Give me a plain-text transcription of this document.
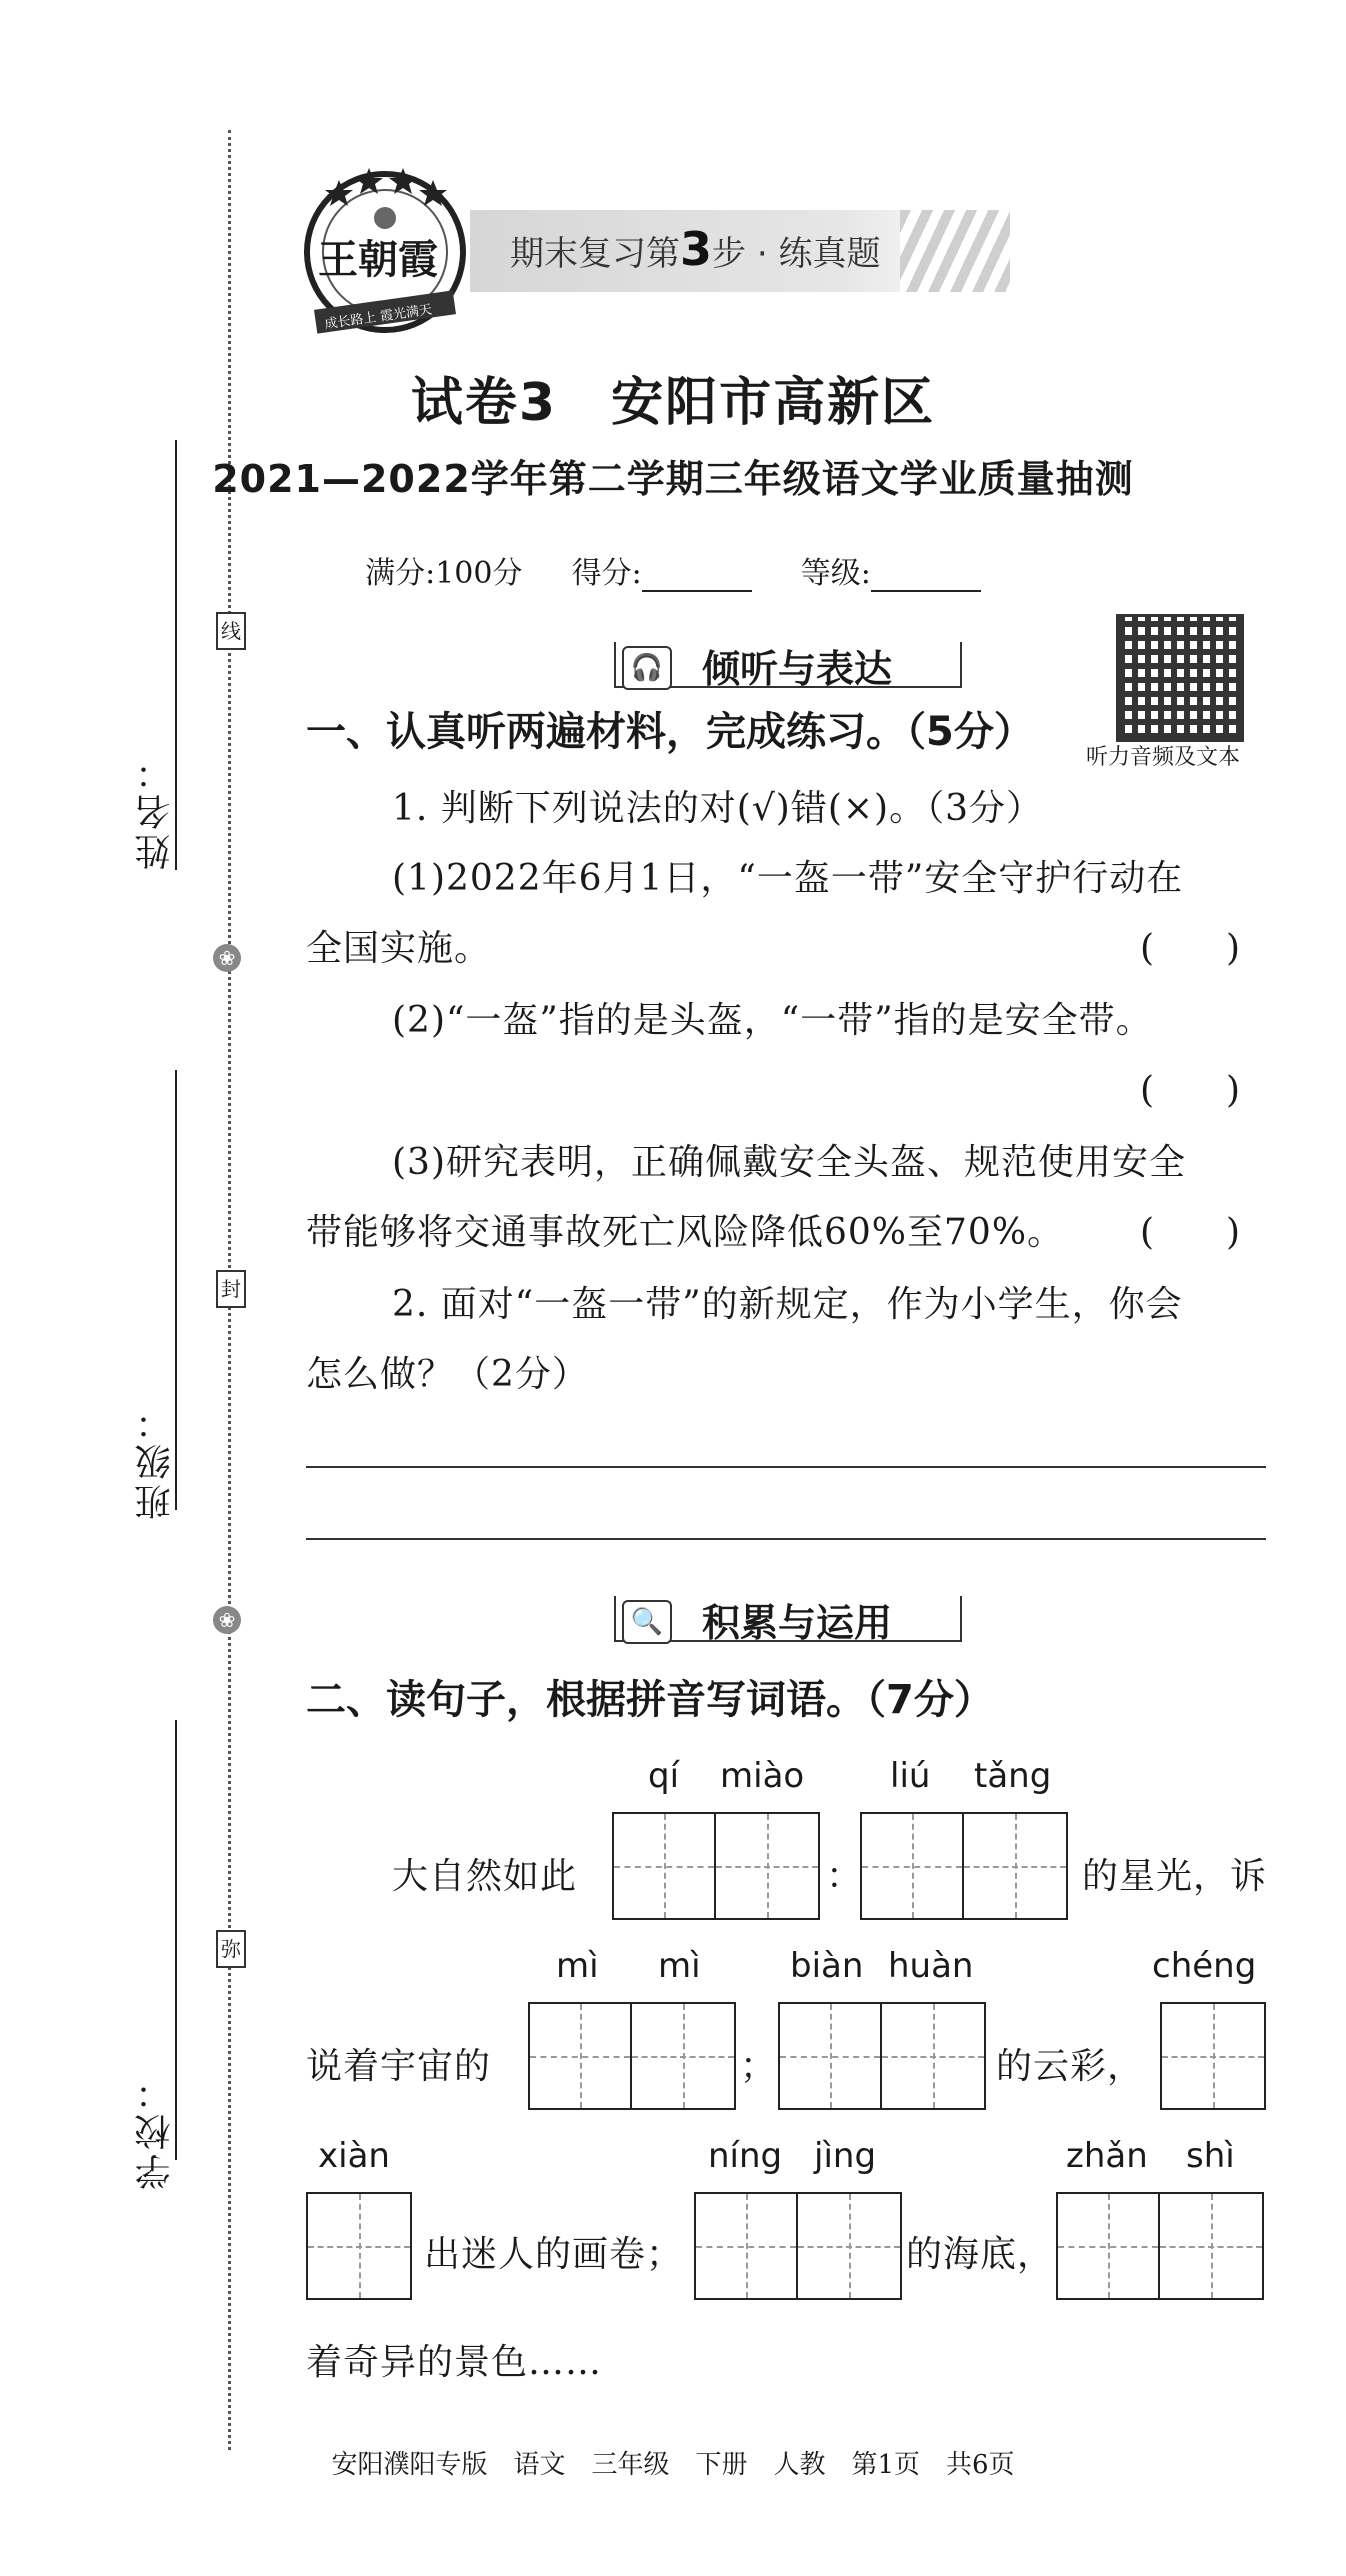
姓名：
班级：
学校：
线
❀
封
❀
弥
王朝霞
成长路上 霞光满天
期末复习第3步 · 练真题
试卷3　安阳市高新区
2021—2022学年第二学期三年级语文学业质量抽测
满分:100分 得分:	等级:
🎧 倾听与表达
听力音频及文本
一、认真听两遍材料，完成练习。（5分）
1. 判断下列说法的对(√)错(×)。（3分）
(1)2022年6月1日，“一盔一带”安全守护行动在
全国实施。	(　　)
(2)“一盔”指的是头盔，“一带”指的是安全带。
(　　)
(3)研究表明，正确佩戴安全头盔、规范使用安全
带能够将交通事故死亡风险降低60%至70%。 (　　)
2. 面对“一盔一带”的新规定，作为小学生，你会
怎么做？（2分）
🔍 积累与运用
二、读句子，根据拼音写词语。（7分）
qí miào	liú tǎng
大自然如此	：	的星光，诉
mì mì	biàn huàn	chéng
说着宇宙的	；	的云彩，
xiàn	níng jìng	zhǎn shì
出迷人的画卷；	的海底，
着奇异的景色……
安阳濮阳专版　语文　三年级　下册　人教　第1页　共6页
